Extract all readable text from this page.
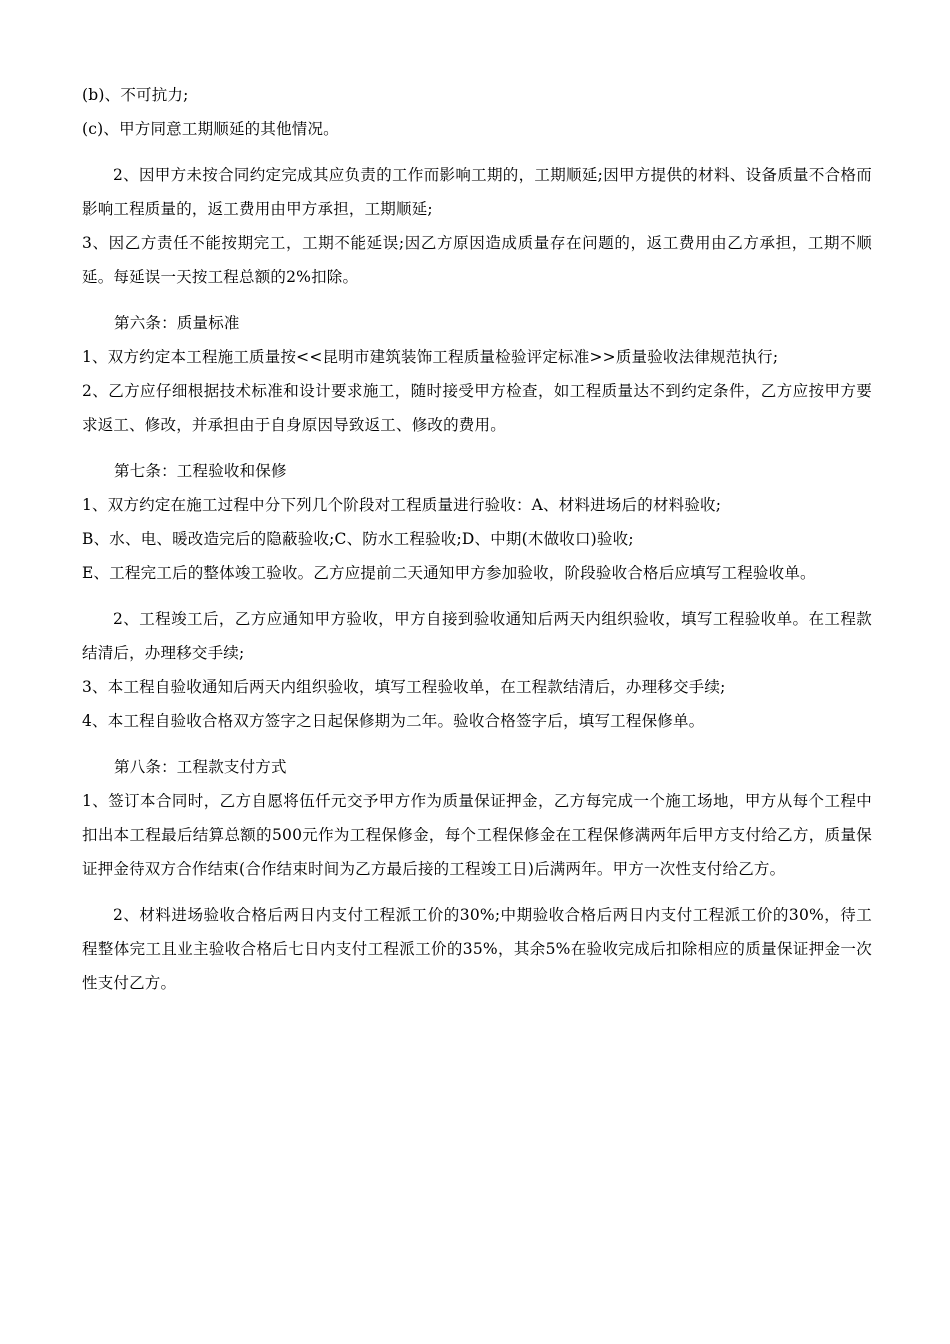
(b)、不可抗力;

(c)、甲方同意工期顺延的其他情况。

2、因甲方未按合同约定完成其应负责的工作而影响工期的，工期顺延;因甲方提供的材料、设备质量不合格而影响工程质量的，返工费用由甲方承担，工期顺延;

3、因乙方责任不能按期完工，工期不能延误;因乙方原因造成质量存在问题的，返工费用由乙方承担，工期不顺延。每延误一天按工程总额的2%扣除。

第六条：质量标准

1、双方约定本工程施工质量按<<昆明市建筑装饰工程质量检验评定标准>>质量验收法律规范执行;

2、乙方应仔细根据技术标准和设计要求施工，随时接受甲方检查，如工程质量达不到约定条件，乙方应按甲方要求返工、修改，并承担由于自身原因导致返工、修改的费用。

第七条：工程验收和保修

1、双方约定在施工过程中分下列几个阶段对工程质量进行验收：A、材料进场后的材料验收;

B、水、电、暖改造完后的隐蔽验收;C、防水工程验收;D、中期(木做收口)验收;

E、工程完工后的整体竣工验收。乙方应提前二天通知甲方参加验收，阶段验收合格后应填写工程验收单。

2、工程竣工后，乙方应通知甲方验收，甲方自接到验收通知后两天内组织验收，填写工程验收单。在工程款结清后，办理移交手续;

3、本工程自验收通知后两天内组织验收，填写工程验收单，在工程款结清后，办理移交手续;

4、本工程自验收合格双方签字之日起保修期为二年。验收合格签字后，填写工程保修单。

第八条：工程款支付方式

1、签订本合同时，乙方自愿将伍仟元交予甲方作为质量保证押金，乙方每完成一个施工场地，甲方从每个工程中扣出本工程最后结算总额的500元作为工程保修金，每个工程保修金在工程保修满两年后甲方支付给乙方，质量保证押金待双方合作结束(合作结束时间为乙方最后接的工程竣工日)后满两年。甲方一次性支付给乙方。

2、材料进场验收合格后两日内支付工程派工价的30%;中期验收合格后两日内支付工程派工价的30%，待工程整体完工且业主验收合格后七日内支付工程派工价的35%，其余5%在验收完成后扣除相应的质量保证押金一次性支付乙方。
